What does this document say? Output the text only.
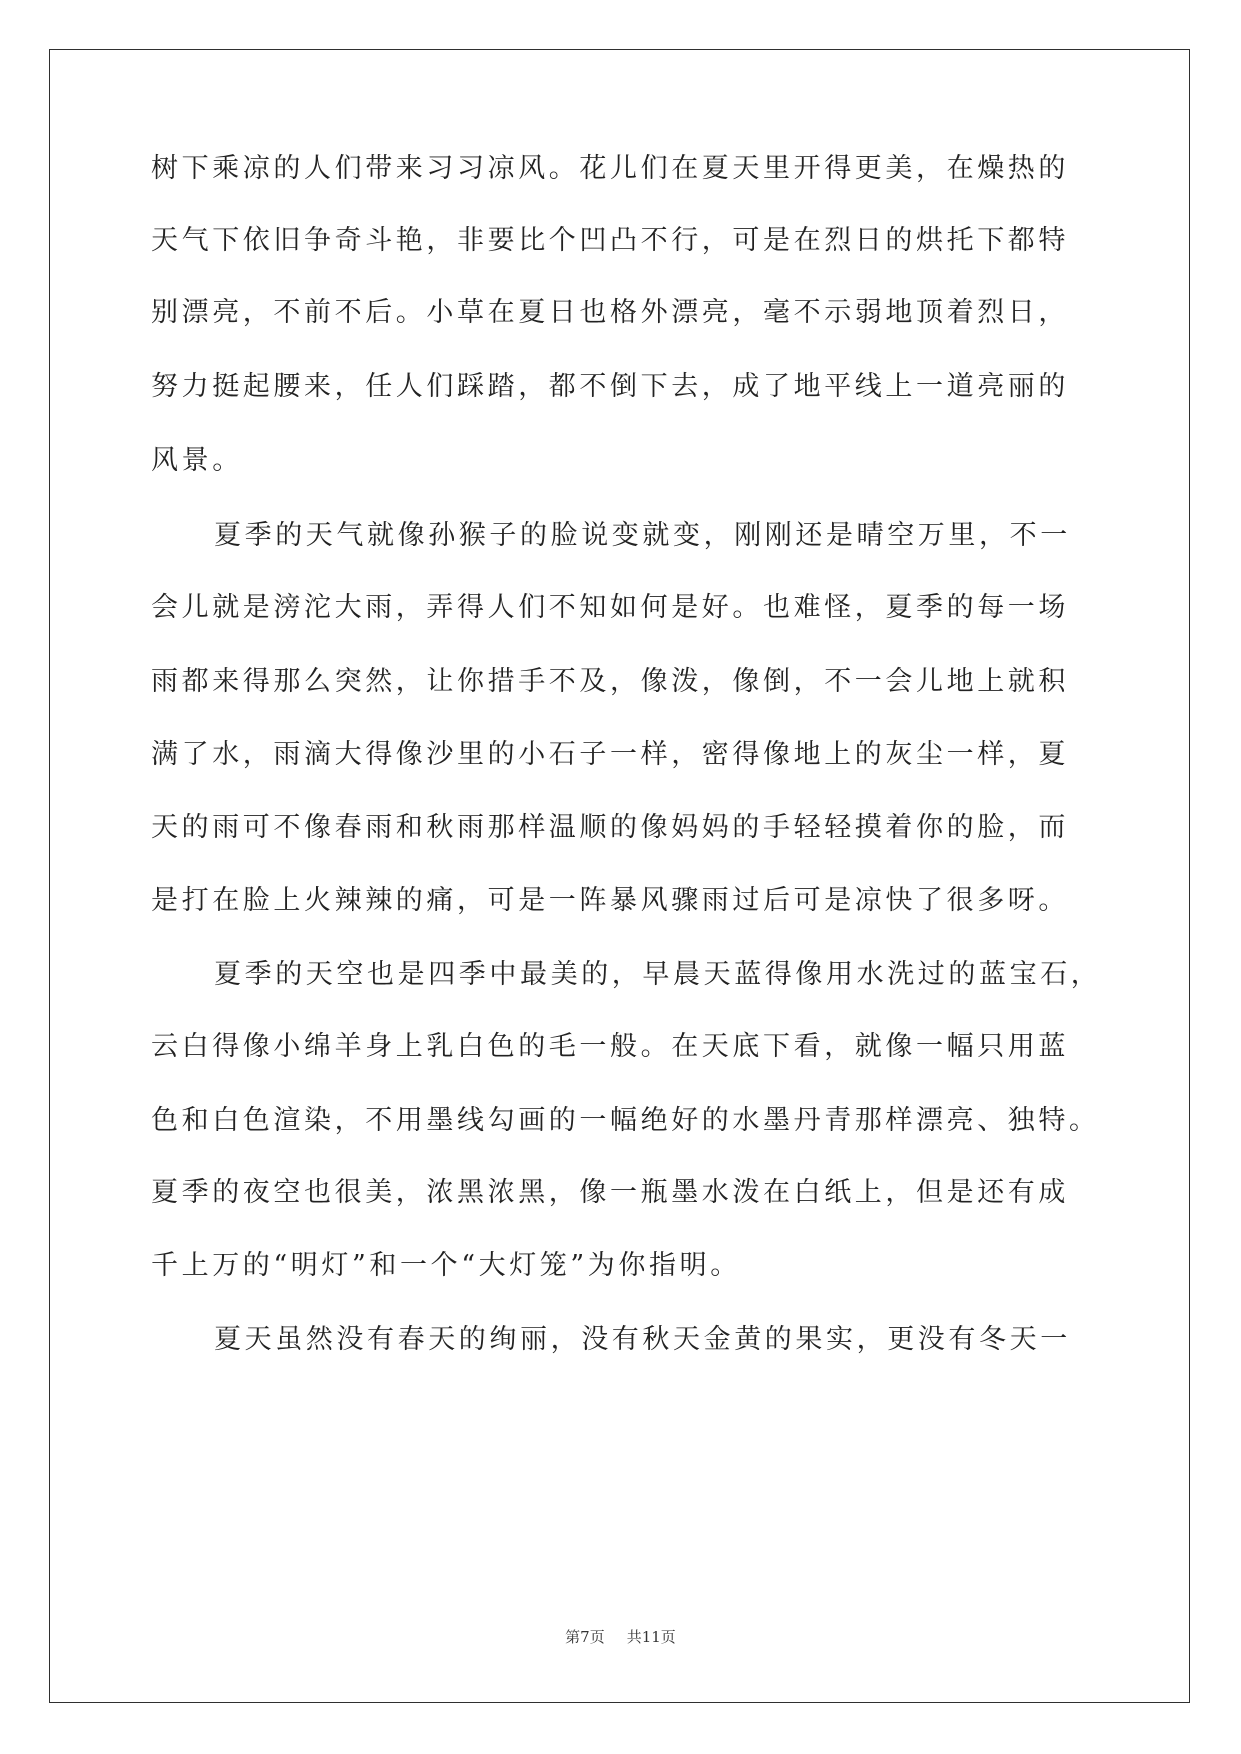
树下乘凉的人们带来习习凉风。花儿们在夏天里开得更美，在燥热的
天气下依旧争奇斗艳，非要比个凹凸不行，可是在烈日的烘托下都特
别漂亮，不前不后。小草在夏日也格外漂亮，毫不示弱地顶着烈日，
努力挺起腰来，任人们踩踏，都不倒下去，成了地平线上一道亮丽的
风景。
夏季的天气就像孙猴子的脸说变就变，刚刚还是晴空万里，不一
会儿就是滂沱大雨，弄得人们不知如何是好。也难怪，夏季的每一场
雨都来得那么突然，让你措手不及，像泼，像倒，不一会儿地上就积
满了水，雨滴大得像沙里的小石子一样，密得像地上的灰尘一样，夏
天的雨可不像春雨和秋雨那样温顺的像妈妈的手轻轻摸着你的脸，而
是打在脸上火辣辣的痛，可是一阵暴风骤雨过后可是凉快了很多呀。
夏季的天空也是四季中最美的，早晨天蓝得像用水洗过的蓝宝石，
云白得像小绵羊身上乳白色的毛一般。在天底下看，就像一幅只用蓝
色和白色渲染，不用墨线勾画的一幅绝好的水墨丹青那样漂亮、独特。
夏季的夜空也很美，浓黑浓黑，像一瓶墨水泼在白纸上，但是还有成
千上万的“明灯”和一个“大灯笼”为你指明。
夏天虽然没有春天的绚丽，没有秋天金黄的果实，更没有冬天一
第7页 共11页
